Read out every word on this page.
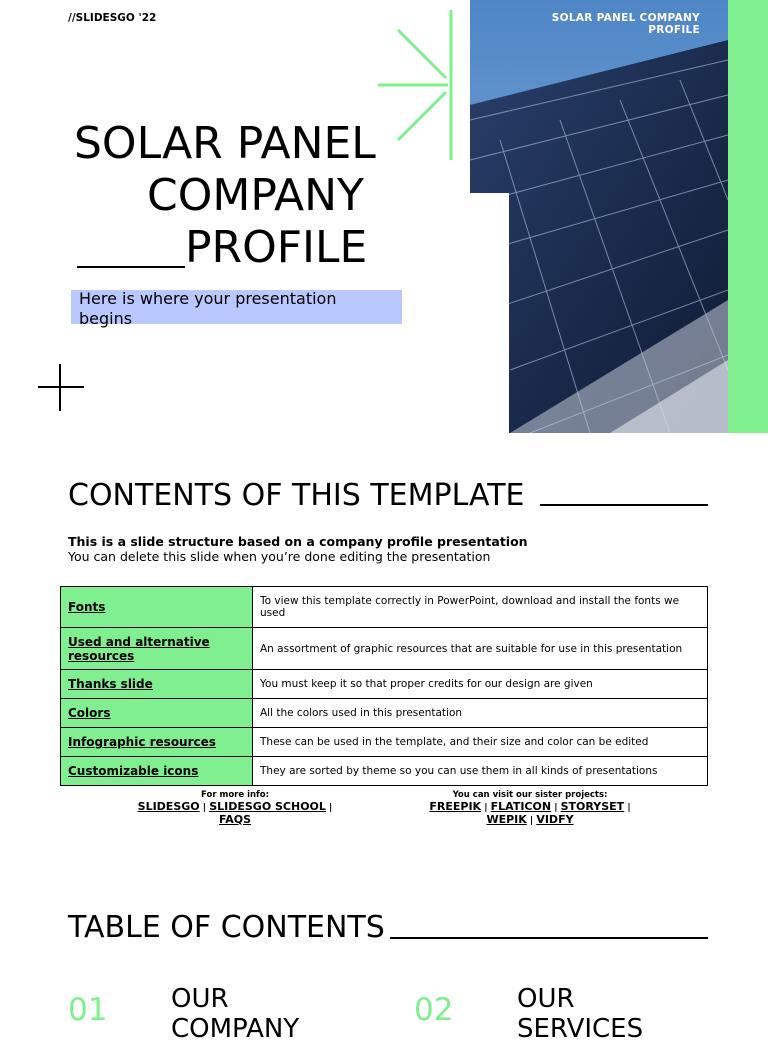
//SLIDESGO '22	SOLAR PANEL COMPANY PROFILE
SOLAR PANEL
COMPANY
PROFILE
Here is where your presentation begins
CONTENTS OF THIS TEMPLATE
This is a slide structure based on a company profile presentation
You can delete this slide when you’re done editing the presentation
Fonts	To view this template correctly in PowerPoint, download and install the fonts we used
Used and alternative resources	An assortment of graphic resources that are suitable for use in this presentation
Thanks slide	You must keep it so that proper credits for our design are given
Colors	All the colors used in this presentation
Infographic resources	These can be used in the template, and their size and color can be edited
Customizable icons	They are sorted by theme so you can use them in all kinds of presentations
For more info:
SLIDESGO | SLIDESGO SCHOOL |
FAQS
You can visit our sister projects:
FREEPIK | FLATICON | STORYSET |
WEPIK | VIDFY
TABLE OF CONTENTS
01 OUR COMPANY
02 OUR SERVICES
